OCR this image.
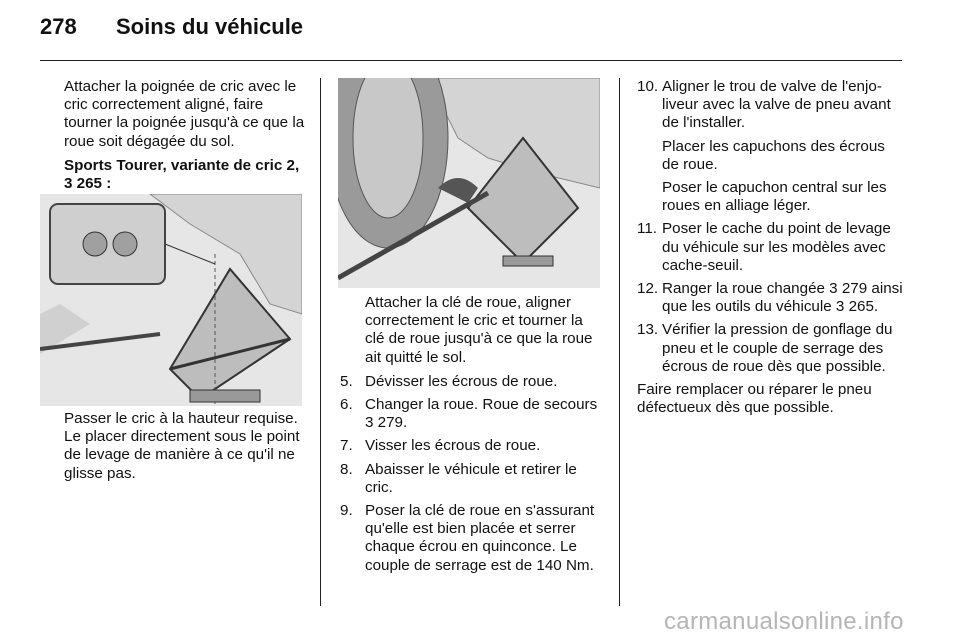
278 Soins du véhicule

Attacher la poignée de cric avec le cric correctement aligné, faire tourner la poignée jusqu'à ce que la roue soit dégagée du sol.

Sports Tourer, variante de cric 2,

3 265 :

Passer le cric à la hauteur requise. Le placer directement sous le point de levage de manière à ce qu'il ne glisse pas.

Attacher la clé de roue, aligner correctement le cric et tourner la clé de roue jusqu'à ce que la roue ait quitté le sol.

5. Dévisser les écrous de roue.
6. Changer la roue. Roue de secours 3 279.
7. Visser les écrous de roue.
8. Abaisser le véhicule et retirer le cric.
9. Poser la clé de roue en s'assurant qu'elle est bien placée et serrer chaque écrou en quinconce. Le couple de serrage est de 140 Nm.
10. Aligner le trou de valve de l'enjoliveur avec la valve de pneu avant de l'installer.
Placer les capuchons des écrous de roue.
Poser le capuchon central sur les roues en alliage léger.
11. Poser le cache du point de levage du véhicule sur les modèles avec cache-seuil.
12. Ranger la roue changée 3 279 ainsi que les outils du véhicule 3 265.
13. Vérifier la pression de gonflage du pneu et le couple de serrage des écrous de roue dès que possible.

Faire remplacer ou réparer le pneu défectueux dès que possible.

carmanualsonline.info
